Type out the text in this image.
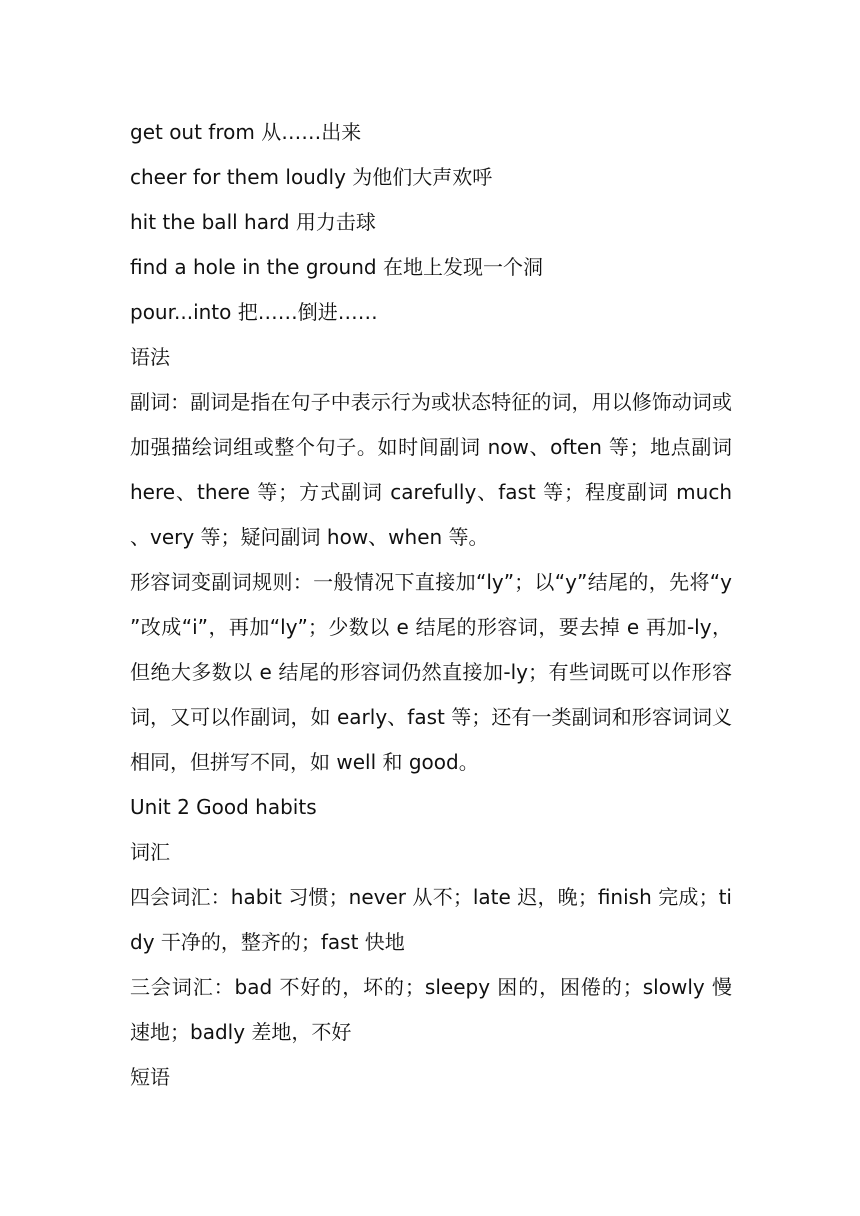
get out from 从……出来
cheer for them loudly 为他们大声欢呼
hit the ball hard 用力击球
find a hole in the ground 在地上发现一个洞
pour...into 把……倒进……
语法
副词：副词是指在句子中表示行为或状态特征的词，用以修饰动词或加强描绘词组或整个句子。如时间副词 now、often 等；地点副词 here、there 等；方式副词 carefully、fast 等；程度副词 much、very 等；疑问副词 how、when 等。
形容词变副词规则：一般情况下直接加“ly”；以“y”结尾的，先将“y”改成“i”，再加“ly”；少数以 e 结尾的形容词，要去掉 e 再加-ly，但绝大多数以 e 结尾的形容词仍然直接加-ly；有些词既可以作形容词，又可以作副词，如 early、fast 等；还有一类副词和形容词词义相同，但拼写不同，如 well 和 good。
Unit 2 Good habits
词汇
四会词汇：habit 习惯；never 从不；late 迟，晚；finish 完成；tidy 干净的，整齐的；fast 快地
三会词汇：bad 不好的，坏的；sleepy 困的，困倦的；slowly 慢速地；badly 差地，不好
短语
